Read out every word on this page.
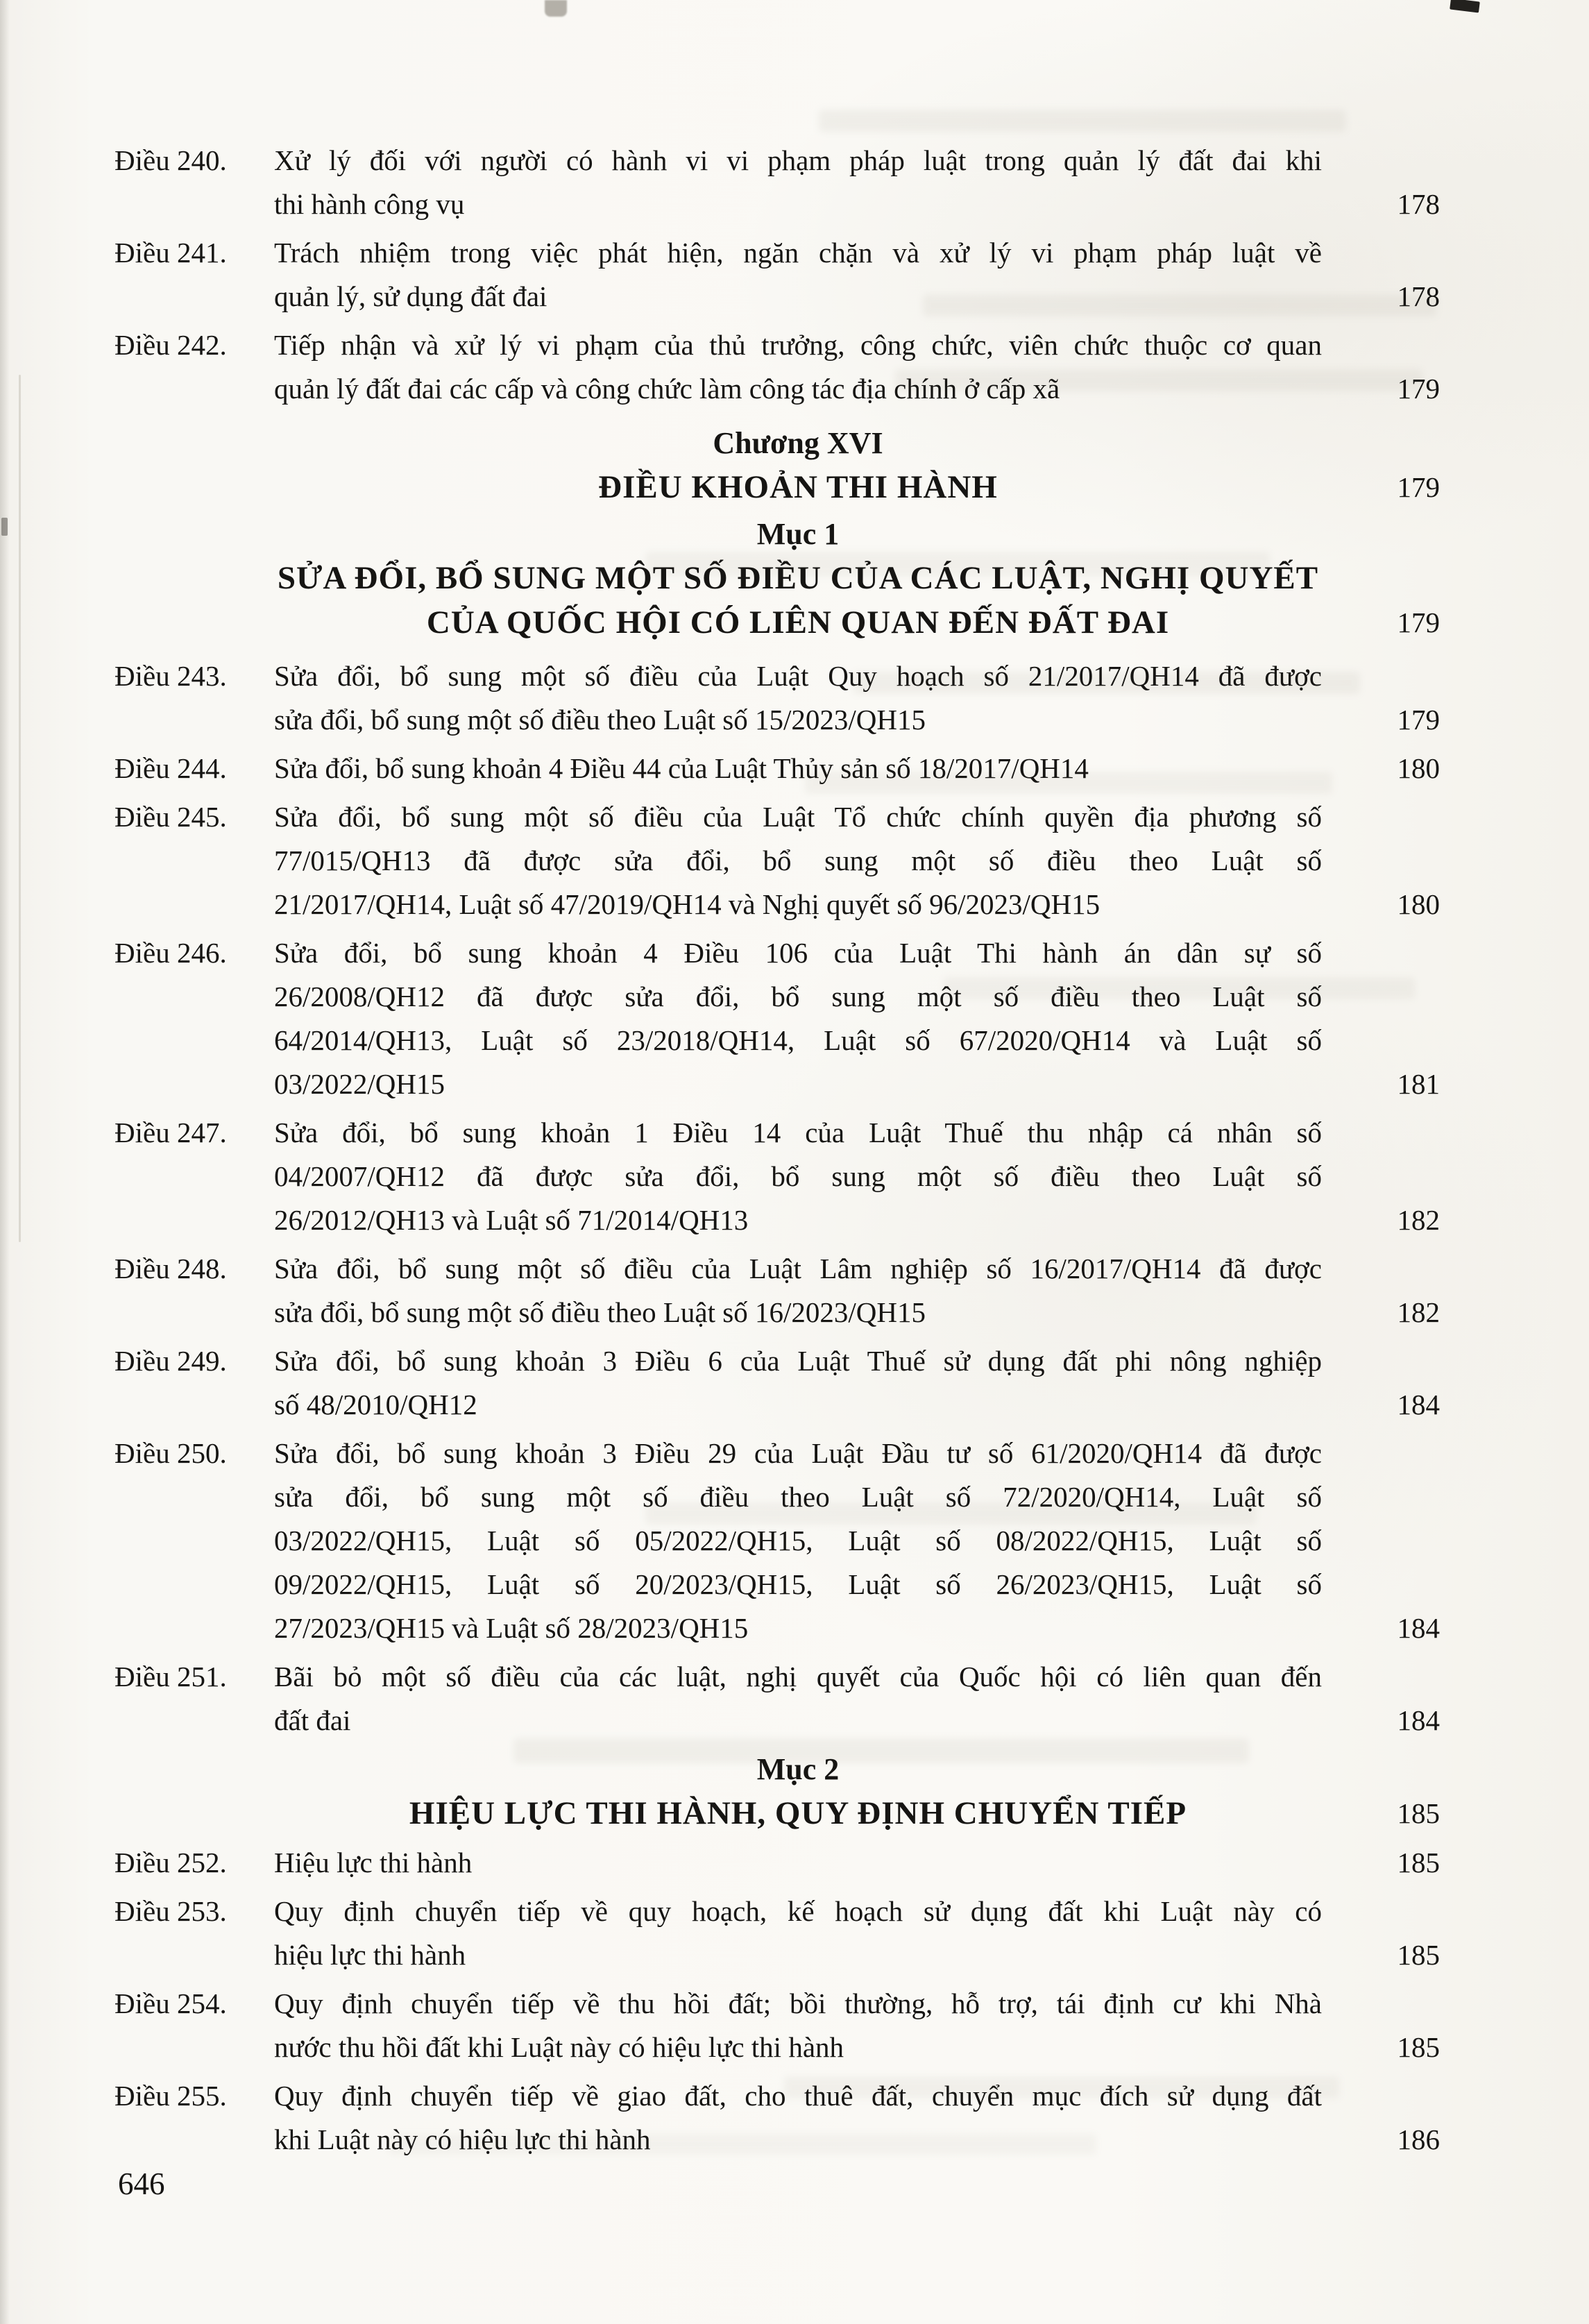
Điều 240.	Xử lý đối với người có hành vi vi phạm pháp luật trong quản lý đất đai khi
thi hành công vụ	178
Điều 241.	Trách nhiệm trong việc phát hiện, ngăn chặn và xử lý vi phạm pháp luật về
quản lý, sử dụng đất đai	178
Điều 242.	Tiếp nhận và xử lý vi phạm của thủ trưởng, công chức, viên chức thuộc cơ quan
quản lý đất đai các cấp và công chức làm công tác địa chính ở cấp xã	179
Chương XVI
ĐIỀU KHOẢN THI HÀNH	179
Mục 1
SỬA ĐỔI, BỔ SUNG MỘT SỐ ĐIỀU CỦA CÁC LUẬT, NGHỊ QUYẾT
CỦA QUỐC HỘI CÓ LIÊN QUAN ĐẾN ĐẤT ĐAI	179
Điều 243.	Sửa đổi, bổ sung một số điều của Luật Quy hoạch số 21/2017/QH14 đã được
sửa đổi, bổ sung một số điều theo Luật số 15/2023/QH15	179
Điều 244.	Sửa đổi, bổ sung khoản 4 Điều 44 của Luật Thủy sản số 18/2017/QH14	180
Điều 245.	Sửa đổi, bổ sung một số điều của Luật Tổ chức chính quyền địa phương số
77/015/QH13 đã được sửa đổi, bổ sung một số điều theo Luật số
21/2017/QH14, Luật số 47/2019/QH14 và Nghị quyết số 96/2023/QH15	180
Điều 246.	Sửa đổi, bổ sung khoản 4 Điều 106 của Luật Thi hành án dân sự số
26/2008/QH12 đã được sửa đổi, bổ sung một số điều theo Luật số
64/2014/QH13, Luật số 23/2018/QH14, Luật số 67/2020/QH14 và Luật số
03/2022/QH15	181
Điều 247.	Sửa đổi, bổ sung khoản 1 Điều 14 của Luật Thuế thu nhập cá nhân số
04/2007/QH12 đã được sửa đổi, bổ sung một số điều theo Luật số
26/2012/QH13 và Luật số 71/2014/QH13	182
Điều 248.	Sửa đổi, bổ sung một số điều của Luật Lâm nghiệp số 16/2017/QH14 đã được
sửa đổi, bổ sung một số điều theo Luật số 16/2023/QH15	182
Điều 249.	Sửa đổi, bổ sung khoản 3 Điều 6 của Luật Thuế sử dụng đất phi nông nghiệp
số 48/2010/QH12	184
Điều 250.	Sửa đổi, bổ sung khoản 3 Điều 29 của Luật Đầu tư số 61/2020/QH14 đã được
sửa đổi, bổ sung một số điều theo Luật số 72/2020/QH14, Luật số
03/2022/QH15, Luật số 05/2022/QH15, Luật số 08/2022/QH15, Luật số
09/2022/QH15, Luật số 20/2023/QH15, Luật số 26/2023/QH15, Luật số
27/2023/QH15 và Luật số 28/2023/QH15	184
Điều 251.	Bãi bỏ một số điều của các luật, nghị quyết của Quốc hội có liên quan đến
đất đai	184
Mục 2
HIỆU LỰC THI HÀNH, QUY ĐỊNH CHUYỂN TIẾP	185
Điều 252.	Hiệu lực thi hành	185
Điều 253.	Quy định chuyển tiếp về quy hoạch, kế hoạch sử dụng đất khi Luật này có
hiệu lực thi hành	185
Điều 254.	Quy định chuyển tiếp về thu hồi đất; bồi thường, hỗ trợ, tái định cư khi Nhà
nước thu hồi đất khi Luật này có hiệu lực thi hành	185
Điều 255.	Quy định chuyển tiếp về giao đất, cho thuê đất, chuyển mục đích sử dụng đất
khi Luật này có hiệu lực thi hành	186
646
